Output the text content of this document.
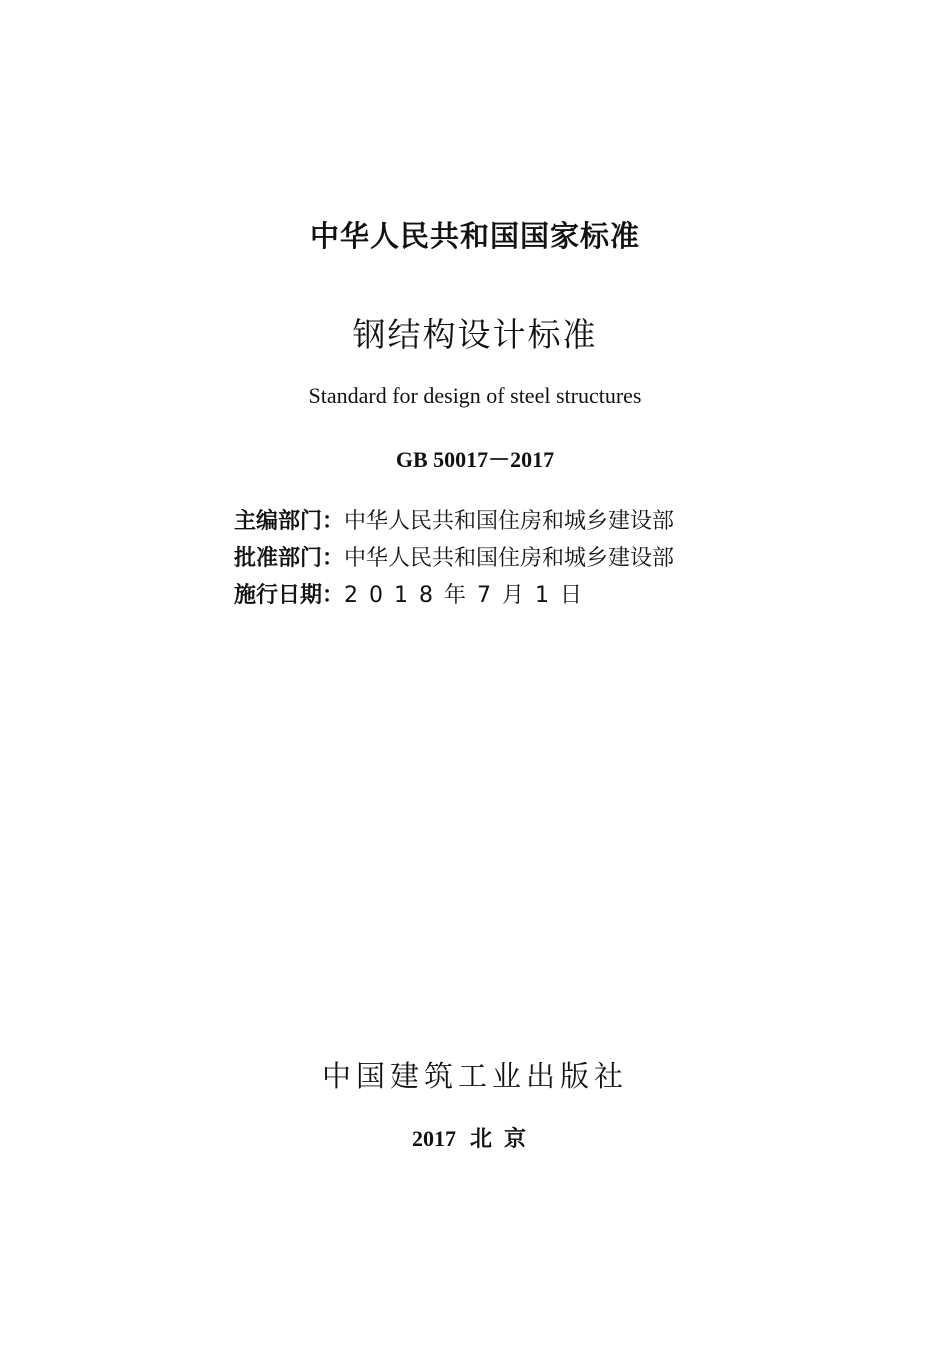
中华人民共和国国家标准
钢结构设计标准
Standard for design of steel structures
GB 50017－2017
主编部门：中华人民共和国住房和城乡建设部
批准部门：中华人民共和国住房和城乡建设部
施行日期：2018年7月1日
中国建筑工业出版社
2017 北京
